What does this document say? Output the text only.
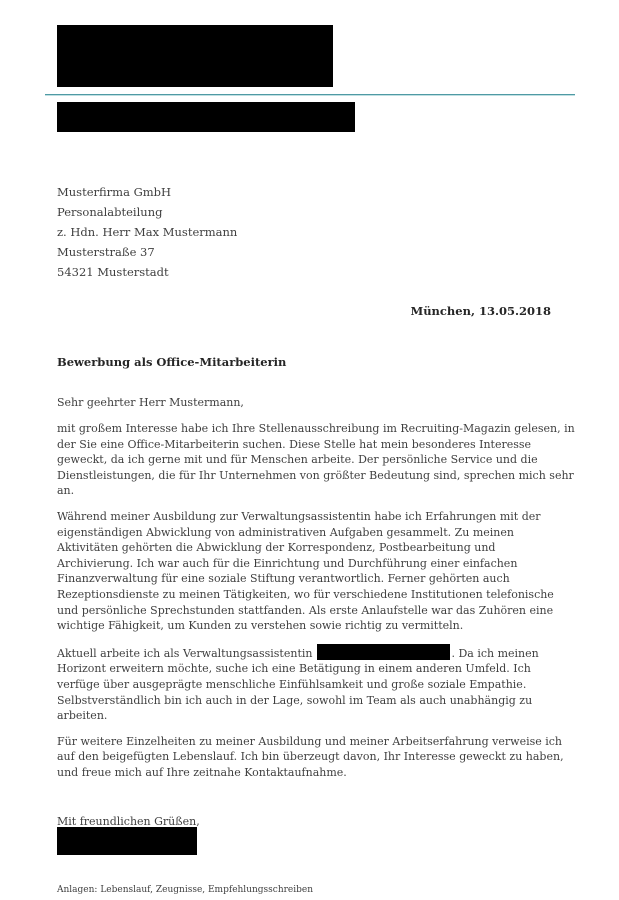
Musterfirma GmbH
Personalabteilung
z. Hdn. Herr Max Mustermann
Musterstraße 37
54321 Musterstadt
München, 13.05.2018
Bewerbung als Office-Mitarbeiterin
Sehr geehrter Herr Mustermann,

mit großem Interesse habe ich Ihre Stellenausschreibung im Recruiting-Magazin gelesen, in der Sie eine Office-Mitarbeiterin suchen. Diese Stelle hat mein besonderes Interesse geweckt, da ich gerne mit und für Menschen arbeite. Der persönliche Service und die Dienstleistungen, die für Ihr Unternehmen von größter Bedeutung sind, sprechen mich sehr an.

Während meiner Ausbildung zur Verwaltungsassistentin habe ich Erfahrungen mit der eigenständigen Abwicklung von administrativen Aufgaben gesammelt. Zu meinen Aktivitäten gehörten die Abwicklung der Korrespondenz, Postbearbeitung und Archivierung. Ich war auch für die Einrichtung und Durchführung einer einfachen Finanzverwaltung für eine soziale Stiftung verantwortlich. Ferner gehörten auch Rezeptionsdienste zu meinen Tätigkeiten, wo für verschiedene Institutionen telefonische und persönliche Sprechstunden stattfanden. Als erste Anlaufstelle war das Zuhören eine wichtige Fähigkeit, um Kunden zu verstehen sowie richtig zu vermitteln.

Aktuell arbeite ich als Verwaltungsassistentin	. Da ich meinen Horizont erweitern möchte, suche ich eine Betätigung in einem anderen Umfeld. Ich verfüge über ausgeprägte menschliche Einfühlsamkeit und große soziale Empathie. Selbstverständlich bin ich auch in der Lage, sowohl im Team als auch unabhängig zu arbeiten.

Für weitere Einzelheiten zu meiner Ausbildung und meiner Arbeitserfahrung verweise ich auf den beigefügten Lebenslauf. Ich bin überzeugt davon, Ihr Interesse geweckt zu haben, und freue mich auf Ihre zeitnahe Kontaktaufnahme.

Mit freundlichen Grüßen,
Anlagen: Lebenslauf, Zeugnisse, Empfehlungsschreiben
